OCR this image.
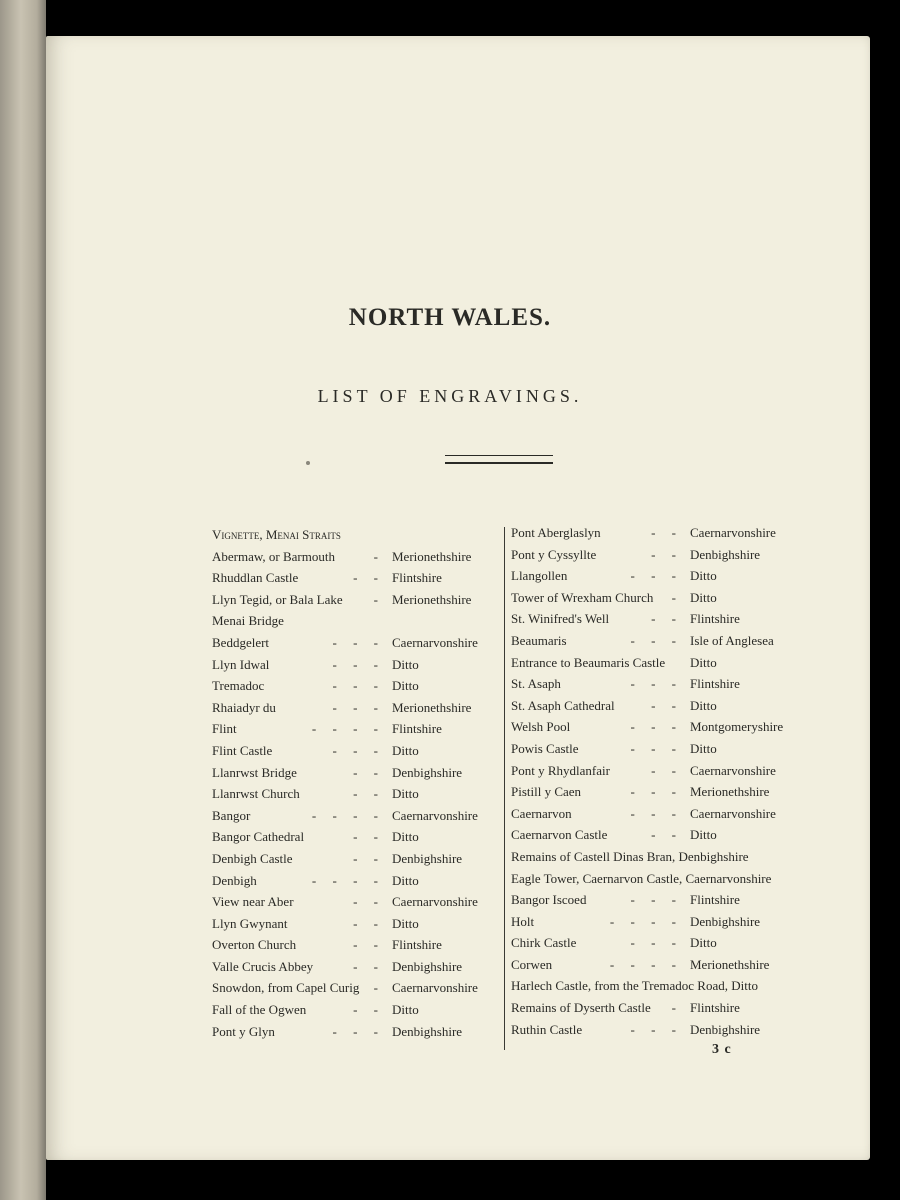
NORTH WALES.
LIST OF ENGRAVINGS.
Vignette, Menai Straits
Abermaw, or Barmouth	- Merionethshire
Rhuddlan Castle	-     - Flintshire
Llyn Tegid, or Bala Lake	- Merionethshire
Menai Bridge
Beddgelert	-     -     - Caernarvonshire
Llyn Idwal	-     -     - Ditto
Tremadoc	-     -     - Ditto
Rhaiadyr du	-     -     - Merionethshire
Flint	-     -     -     - Flintshire
Flint Castle	-     -     - Ditto
Llanrwst Bridge	-     - Denbighshire
Llanrwst Church	-     - Ditto
Bangor	-     -     -     - Caernarvonshire
Bangor Cathedral	-     - Ditto
Denbigh Castle	-     - Denbighshire
Denbigh	-     -     -     - Ditto
View near Aber	-     - Caernarvonshire
Llyn Gwynant	-     - Ditto
Overton Church	-     - Flintshire
Valle Crucis Abbey	-     - Denbighshire
Snowdon, from Capel Curig	- Caernarvonshire
Fall of the Ogwen	-     - Ditto
Pont y Glyn	-     -     - Denbighshire
Pont Aberglaslyn	-     - Caernarvonshire
Pont y Cyssyllte	-     - Denbighshire
Llangollen	-     -     - Ditto
Tower of Wrexham Church	- Ditto
St. Winifred's Well	-     - Flintshire
Beaumaris	-     -     - Isle of Anglesea
Entrance to Beaumaris Castle Ditto
St. Asaph	-     -     - Flintshire
St. Asaph Cathedral	-     - Ditto
Welsh Pool	-     -     - Montgomeryshire
Powis Castle	-     -     - Ditto
Pont y Rhydlanfair	-     - Caernarvonshire
Pistill y Caen	-     -     - Merionethshire
Caernarvon	-     -     - Caernarvonshire
Caernarvon Castle	-     - Ditto
Remains of Castell Dinas Bran, Denbighshire
Eagle Tower, Caernarvon Castle, Caernarvonshire
Bangor Iscoed	-     -     - Flintshire
Holt	-     -     -     - Denbighshire
Chirk Castle	-     -     - Ditto
Corwen	-     -     -     - Merionethshire
Harlech Castle, from the Tremadoc Road, Ditto
Remains of Dyserth Castle	- Flintshire
Ruthin Castle	-     -     - Denbighshire
3 c
